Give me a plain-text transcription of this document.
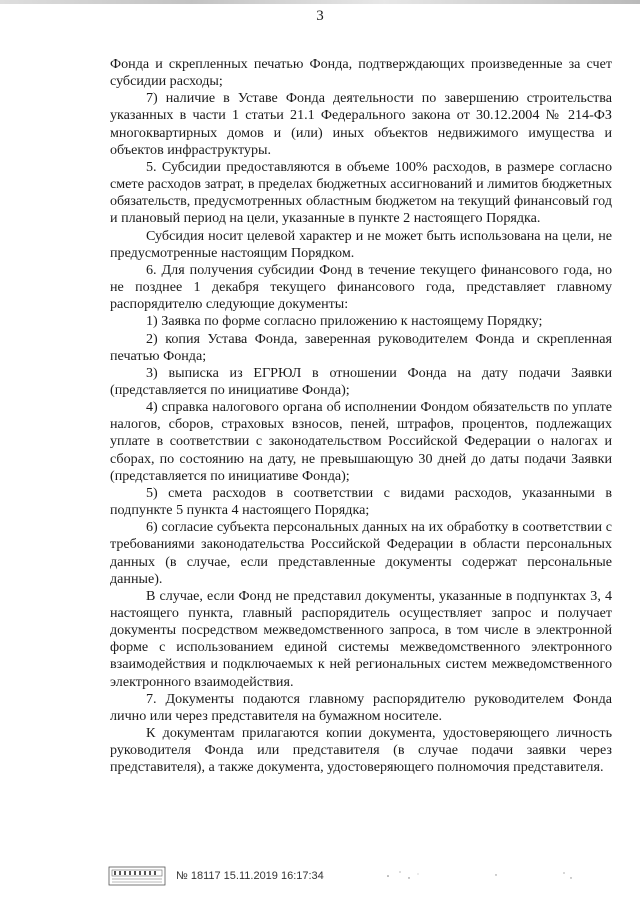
3

Фонда и скрепленных печатью Фонда, подтверждающих произведенные за счет субсидии расходы;

7) наличие в Уставе Фонда деятельности по завершению строительства указанных в части 1 статьи 21.1 Федерального закона от 30.12.2004 № 214-ФЗ многоквартирных домов и (или) иных объектов недвижимого имущества и объектов инфраструктуры.

5. Субсидии предоставляются в объеме 100% расходов, в размере согласно смете расходов затрат, в пределах бюджетных ассигнований и лимитов бюджетных обязательств, предусмотренных областным бюджетом на текущий финансовый год и плановый период на цели, указанные в пункте 2 настоящего Порядка.

Субсидия носит целевой характер и не может быть использована на цели, не предусмотренные настоящим Порядком.

6. Для получения субсидии Фонд в течение текущего финансового года, но не позднее 1 декабря текущего финансового года, представляет главному распорядителю следующие документы:

1) Заявка по форме согласно приложению к настоящему Порядку;

2) копия Устава Фонда, заверенная руководителем Фонда и скрепленная печатью Фонда;

3) выписка из ЕГРЮЛ в отношении Фонда на дату подачи Заявки (представляется по инициативе Фонда);

4) справка налогового органа об исполнении Фондом обязательств по уплате налогов, сборов, страховых взносов, пеней, штрафов, процентов, подлежащих уплате в соответствии с законодательством Российской Федерации о налогах и сборах, по состоянию на дату, не превышающую 30 дней до даты подачи Заявки (представляется по инициативе Фонда);

5) смета расходов в соответствии с видами расходов, указанными в подпункте 5 пункта 4 настоящего Порядка;

6) согласие субъекта персональных данных на их обработку в соответствии с требованиями законодательства Российской Федерации в области персональных данных (в случае, если представленные документы содержат персональные данные).

В случае, если Фонд не представил документы, указанные в подпунктах 3, 4 настоящего пункта, главный распорядитель осуществляет запрос и получает документы посредством межведомственного запроса, в том числе в электронной форме с использованием единой системы межведомственного электронного взаимодействия и подключаемых к ней региональных систем межведомственного электронного взаимодействия.

7. Документы подаются главному распорядителю руководителем Фонда лично или через представителя на бумажном носителе.

К документам прилагаются копии документа, удостоверяющего личность руководителя Фонда или представителя (в случае подачи заявки через представителя), а также документа, удостоверяющего полномочия представителя.

№ 18117 15.11.2019 16:17:34
